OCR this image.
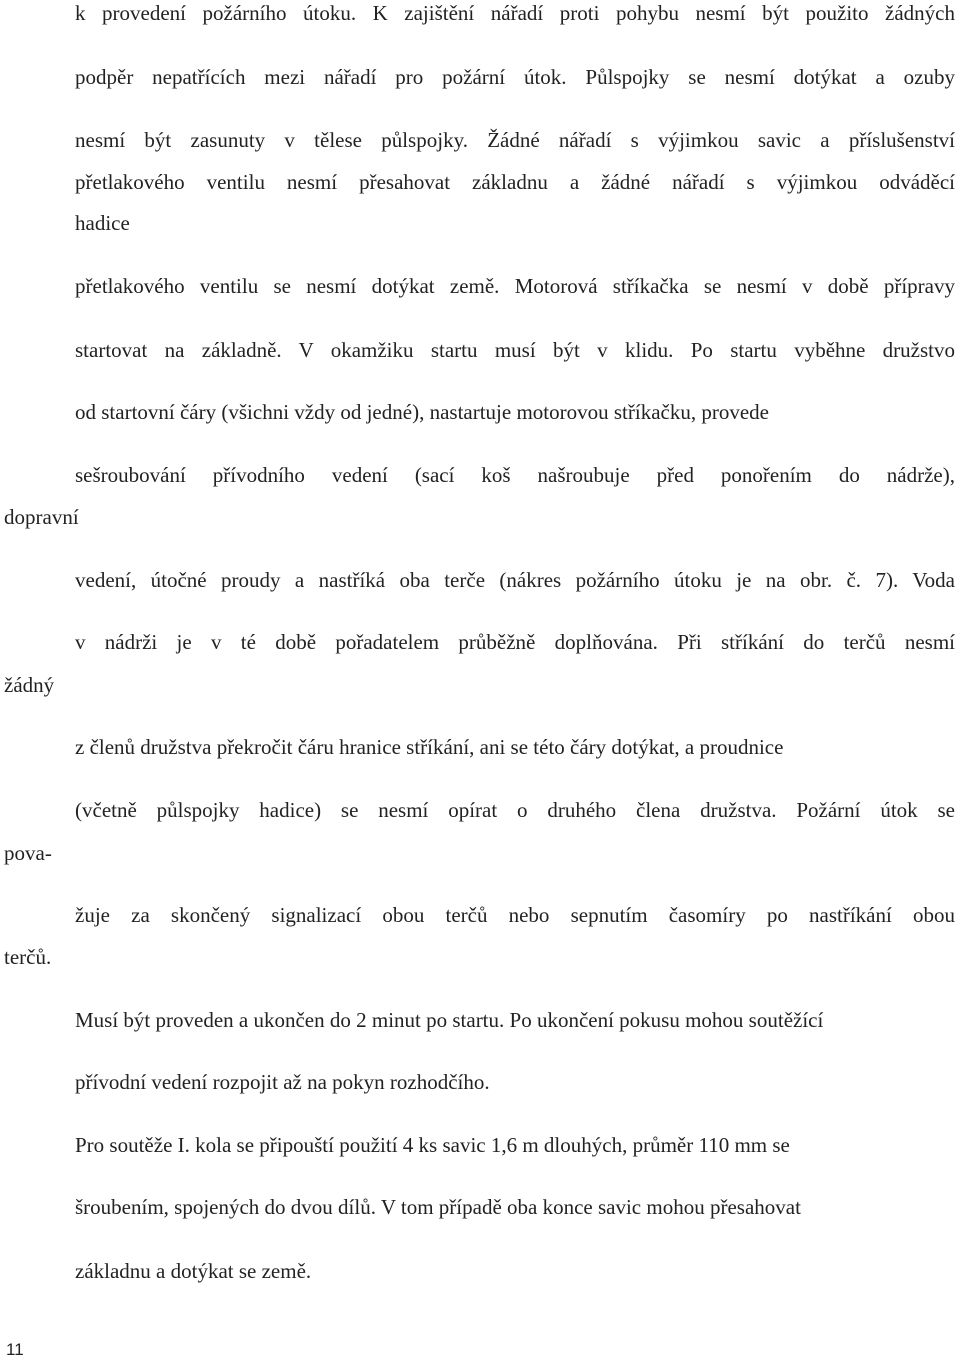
k provedení požárního útoku. K zajištění nářadí proti pohybu nesmí být použito žádných
podpěr nepatřících mezi nářadí pro požární útok. Půlspojky se nesmí dotýkat a ozuby
nesmí být zasunuty v tělese půlspojky. Žádné nářadí s výjimkou savic a příslušenství
přetlakového ventilu nesmí přesahovat základnu a žádné nářadí s výjimkou odváděcí
hadice
přetlakového ventilu se nesmí dotýkat země. Motorová stříkačka se nesmí v době přípravy
startovat na základně. V okamžiku startu musí být v klidu. Po startu vyběhne družstvo
od startovní čáry (všichni vždy od jedné), nastartuje motorovou stříkačku, provede
sešroubování přívodního vedení (sací koš našroubuje před ponořením do nádrže),
dopravní
vedení, útočné proudy a nastříká oba terče (nákres požárního útoku je na obr. č. 7). Voda
v nádrži je v té době pořadatelem průběžně doplňována. Při stříkání do terčů nesmí
žádný
z členů družstva překročit čáru hranice stříkání, ani se této čáry dotýkat, a proudnice
(včetně půlspojky hadice) se nesmí opírat o druhého člena družstva. Požární útok se
pova-
žuje za skončený signalizací obou terčů nebo sepnutím časomíry po nastříkání obou
terčů.
Musí být proveden a ukončen do 2 minut po startu. Po ukončení pokusu mohou soutěžící
přívodní vedení rozpojit až na pokyn rozhodčího.
Pro soutěže I. kola se připouští použití 4 ks savic 1,6 m dlouhých, průměr 110 mm se
šroubením, spojených do dvou dílů. V tom případě oba konce savic mohou přesahovat
základnu a dotýkat se země.
11
